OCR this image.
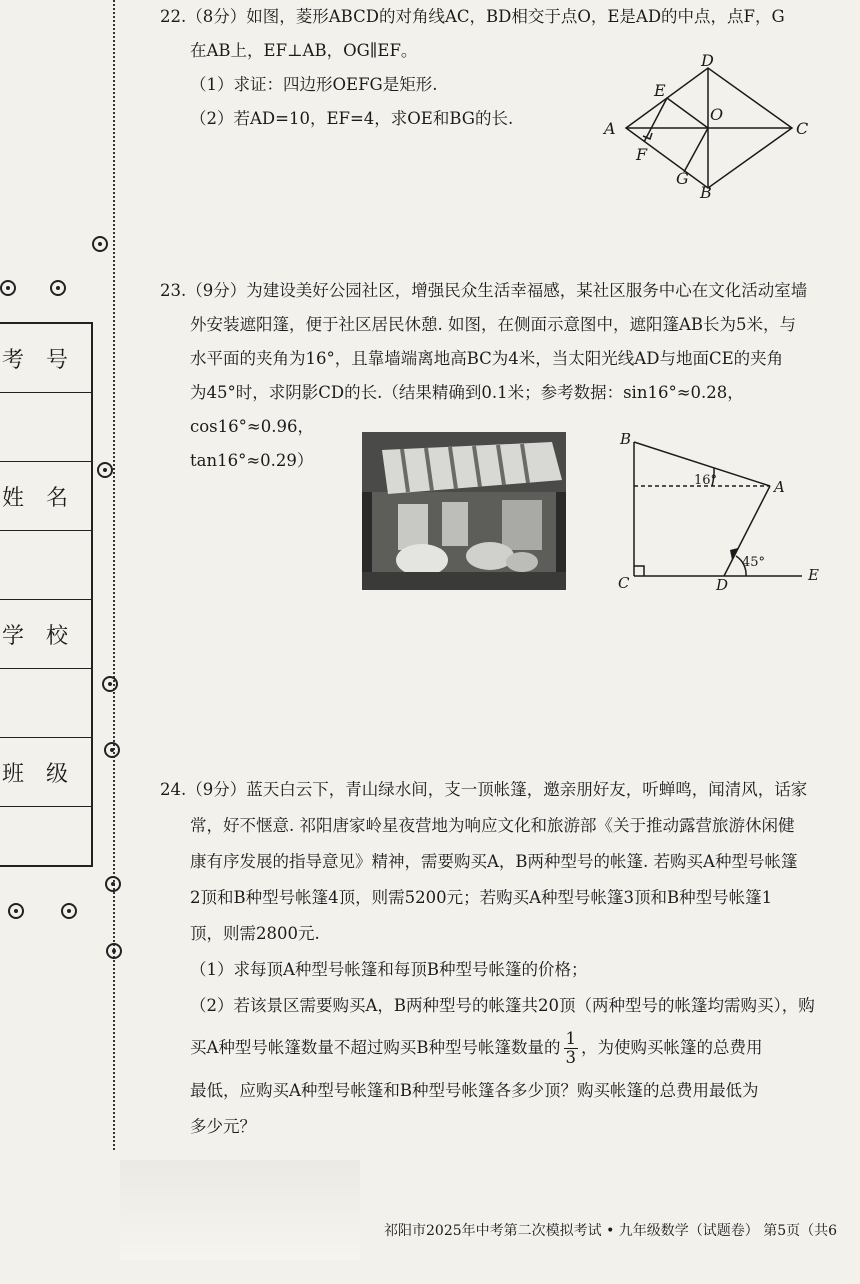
考号
姓名
学校
班级

22.（8分）如图，菱形ABCD的对角线AC，BD相交于点O，E是AD的中点，点F，G

在AB上，EF⊥AB，OG∥EF。

（1）求证：四边形OEFG是矩形.

（2）若AD=10，EF=4，求OE和BG的长.

A
D
C
B
E
F
G
O

23.（9分）为建设美好公园社区，增强民众生活幸福感，某社区服务中心在文化活动室墙

外安装遮阳篷，便于社区居民休憩. 如图，在侧面示意图中，遮阳篷AB长为5米，与

水平面的夹角为16°，且靠墙端离地高BC为4米，当太阳光线AD与地面CE的夹角

为45°时，求阴影CD的长.（结果精确到0.1米；参考数据：sin16°≈0.28，cos16°≈0.96，

tan16°≈0.29）

B
A
C	D
E
16°
45°

24.（9分）蓝天白云下，青山绿水间，支一顶帐篷，邀亲朋好友，听蝉鸣，闻清风，话家

常，好不惬意. 祁阳唐家岭星夜营地为响应文化和旅游部《关于推动露营旅游休闲健

康有序发展的指导意见》精神，需要购买A，B两种型号的帐篷. 若购买A种型号帐篷

2顶和B种型号帐篷4顶，则需5200元；若购买A种型号帐篷3顶和B种型号帐篷1

顶，则需2800元.

（1）求每顶A种型号帐篷和每顶B种型号帐篷的价格；

（2）若该景区需要购买A，B两种型号的帐篷共20顶（两种型号的帐篷均需购买），购

买A种型号帐篷数量不超过购买B种型号帐篷数量的 $\frac{1}{3}$ ，为使购买帐篷的总费用

最低，应购买A种型号帐篷和B种型号帐篷各多少顶？购买帐篷的总费用最低为

多少元？

祁阳市2025年中考第二次模拟考试 • 九年级数学（试题卷） 第5页（共6
